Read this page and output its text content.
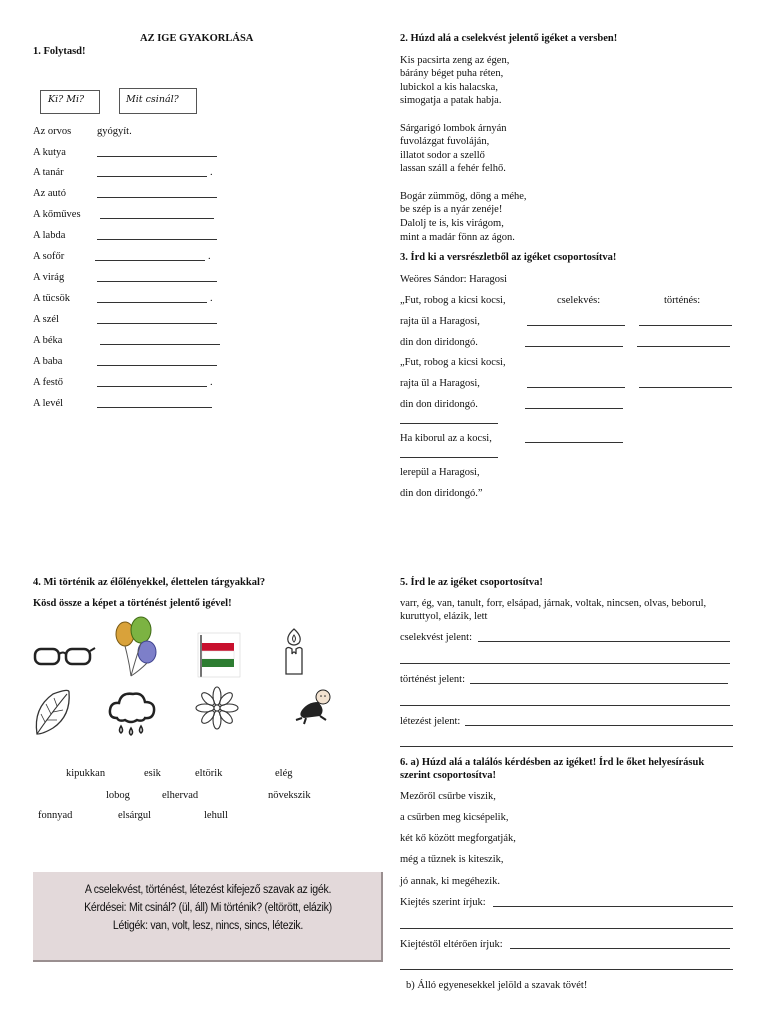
AZ IGE GYAKORLÁSA
1. Folytasd!
Ki? Mi?	Mit csinál?
Az orvos gyógyít.
A kutya
A tanár	.
Az autó
A kőműves
A labda
A sofőr	.
A virág
A tücsök	.
A szél
A béka
A baba
A festő	.
A levél
4. Mi történik az élőlényekkel, élettelen tárgyakkal?
Kösd össze a képet a történést jelentő igével!
kipukkan	esik	eltörik	elég
lobog	elhervad	növekszik
fonnyad	elsárgul	lehull
A cselekvést, történést, létezést kifejező szavak az igék.
Kérdései: Mit csinál? (ül, áll) Mi történik? (eltörött, elázik)
Létigék: van, volt, lesz, nincs, sincs, létezik.
2. Húzd alá a cselekvést jelentő igéket a versben!
Kis pacsirta zeng az égen,
bárány béget puha réten,
lubickol a kis halacska,
simogatja a patak habja.
Sárgarigó lombok árnyán
fuvolázgat fuvoláján,
illatot sodor a szellő
lassan száll a fehér felhő.
Bogár zümmög, döng a méhe,
be szép is a nyár zenéje!
Dalolj te is, kis virágom,
mint a madár fönn az ágon.
3. Írd ki a versrészletből az igéket csoportosítva!
Weöres Sándor: Haragosi
„Fut, robog a kicsi kocsi,	cselekvés:	történés:
rajta ül a Haragosi,
din don diridongó.
„Fut, robog a kicsi kocsi,
rajta ül a Haragosi,
din don diridongó.
Ha kiborul az a kocsi,
lerepül a Haragosi,
din don diridongó.”
5. Írd le az igéket csoportosítva!
varr, ég, van, tanult, forr, elsápad, járnak, voltak, nincsen, olvas, beborul,
kuruttyol, elázik, lett
cselekvést jelent:
történést jelent:
létezést jelent:
6. a) Húzd alá a találós kérdésben az igéket! Írd le őket helyesírásuk
szerint csoportosítva!
Mezőről csűrbe viszik,
a csűrben meg kicsépelik,
két kő között megforgatják,
még a tűznek is kiteszik,
jó annak, ki megéhezik.
Kiejtés szerint írjuk:
Kiejtéstől eltérően írjuk:
b) Álló egyenesekkel jelöld a szavak tövét!
